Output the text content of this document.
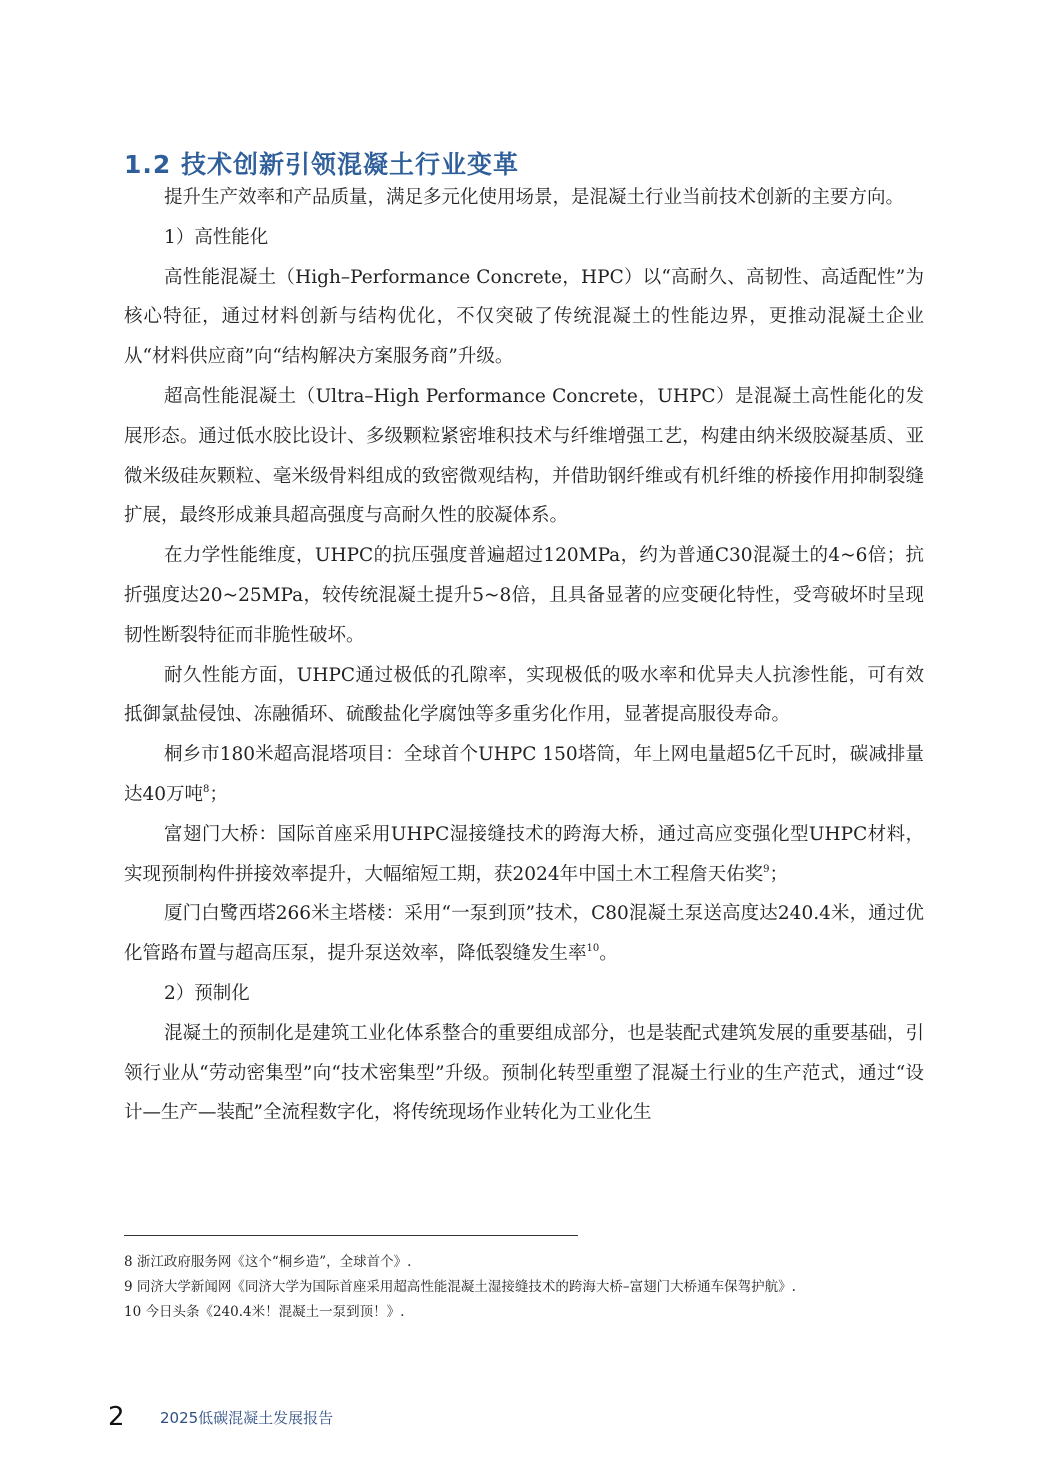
1.2 技术创新引领混凝土行业变革

提升生产效率和产品质量，满足多元化使用场景，是混凝土行业当前技术创新的主要方向。

1）高性能化

高性能混凝土（High–Performance Concrete，HPC）以“高耐久、高韧性、高适配性”为核心特征，通过材料创新与结构优化，不仅突破了传统混凝土的性能边界，更推动混凝土企业从“材料供应商”向“结构解决方案服务商”升级。

超高性能混凝土（Ultra–High Performance Concrete，UHPC）是混凝土高性能化的发展形态。通过低水胶比设计、多级颗粒紧密堆积技术与纤维增强工艺，构建由纳米级胶凝基质、亚微米级硅灰颗粒、毫米级骨料组成的致密微观结构，并借助钢纤维或有机纤维的桥接作用抑制裂缝扩展，最终形成兼具超高强度与高耐久性的胶凝体系。

在力学性能维度，UHPC的抗压强度普遍超过120MPa，约为普通C30混凝土的4~6倍；抗折强度达20~25MPa，较传统混凝土提升5~8倍，且具备显著的应变硬化特性，受弯破坏时呈现韧性断裂特征而非脆性破坏。

耐久性能方面，UHPC通过极低的孔隙率，实现极低的吸水率和优异夫人抗渗性能，可有效抵御氯盐侵蚀、冻融循环、硫酸盐化学腐蚀等多重劣化作用，显著提高服役寿命。

桐乡市180米超高混塔项目：全球首个UHPC 150塔筒，年上网电量超5亿千瓦时，碳减排量达40万吨$^8$；

富翅门大桥：国际首座采用UHPC湿接缝技术的跨海大桥，通过高应变强化型UHPC材料，实现预制构件拼接效率提升，大幅缩短工期，获2024年中国土木工程詹天佑奖$^9$；

厦门白鹭西塔266米主塔楼：采用“一泵到顶”技术，C80混凝土泵送高度达240.4米，通过优化管路布置与超高压泵，提升泵送效率，降低裂缝发生率$^{10}$。

2）预制化

混凝土的预制化是建筑工业化体系整合的重要组成部分，也是装配式建筑发展的重要基础，引领行业从“劳动密集型”向“技术密集型”升级。预制化转型重塑了混凝土行业的生产范式，通过“设计—生产—装配”全流程数字化，将传统现场作业转化为工业化生

8 浙江政府服务网《这个“桐乡造”，全球首个》.
9 同济大学新闻网《同济大学为国际首座采用超高性能混凝土湿接缝技术的跨海大桥–富翅门大桥通车保驾护航》.
10 今日头条《240.4米！混凝土一泵到顶！》.
2 2025低碳混凝土发展报告
